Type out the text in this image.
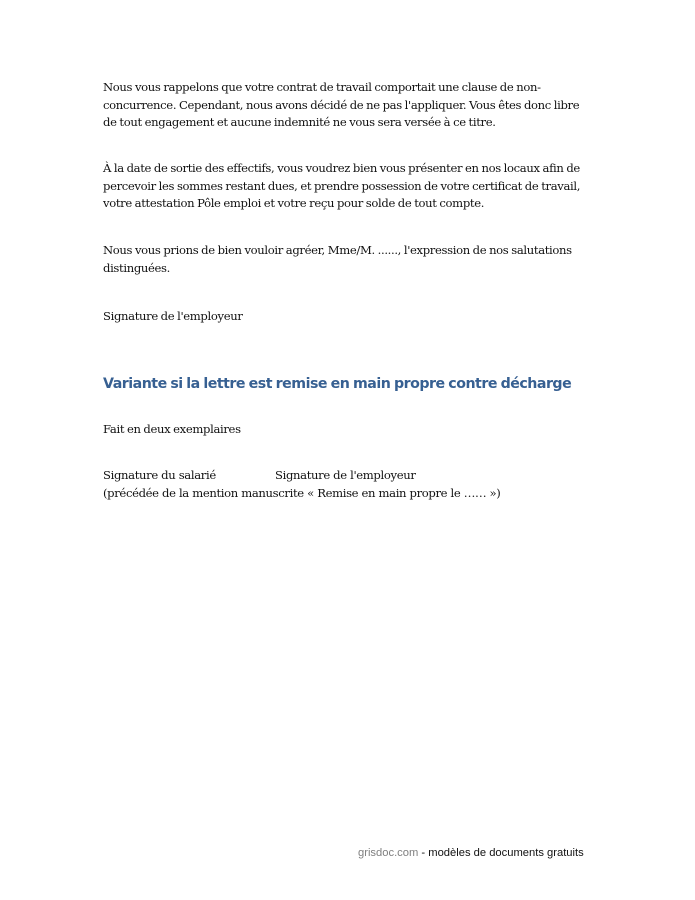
Nous vous rappelons que votre contrat de travail comportait une clause de non-concurrence. Cependant, nous avons décidé de ne pas l'appliquer. Vous êtes donc libre de tout engagement et aucune indemnité ne vous sera versée à ce titre.
À la date de sortie des effectifs, vous voudrez bien vous présenter en nos locaux afin de percevoir les sommes restant dues, et prendre possession de votre certificat de travail, votre attestation Pôle emploi et votre reçu pour solde de tout compte.
Nous vous prions de bien vouloir agréer, Mme/M. ......, l'expression de nos salutations distinguées.
Signature de l'employeur
Variante si la lettre est remise en main propre contre décharge
Fait en deux exemplaires
Signature du salarié	Signature de l'employeur
(précédée de la mention manuscrite « Remise en main propre le …… »)
grisdoc.com - modèles de documents gratuits
